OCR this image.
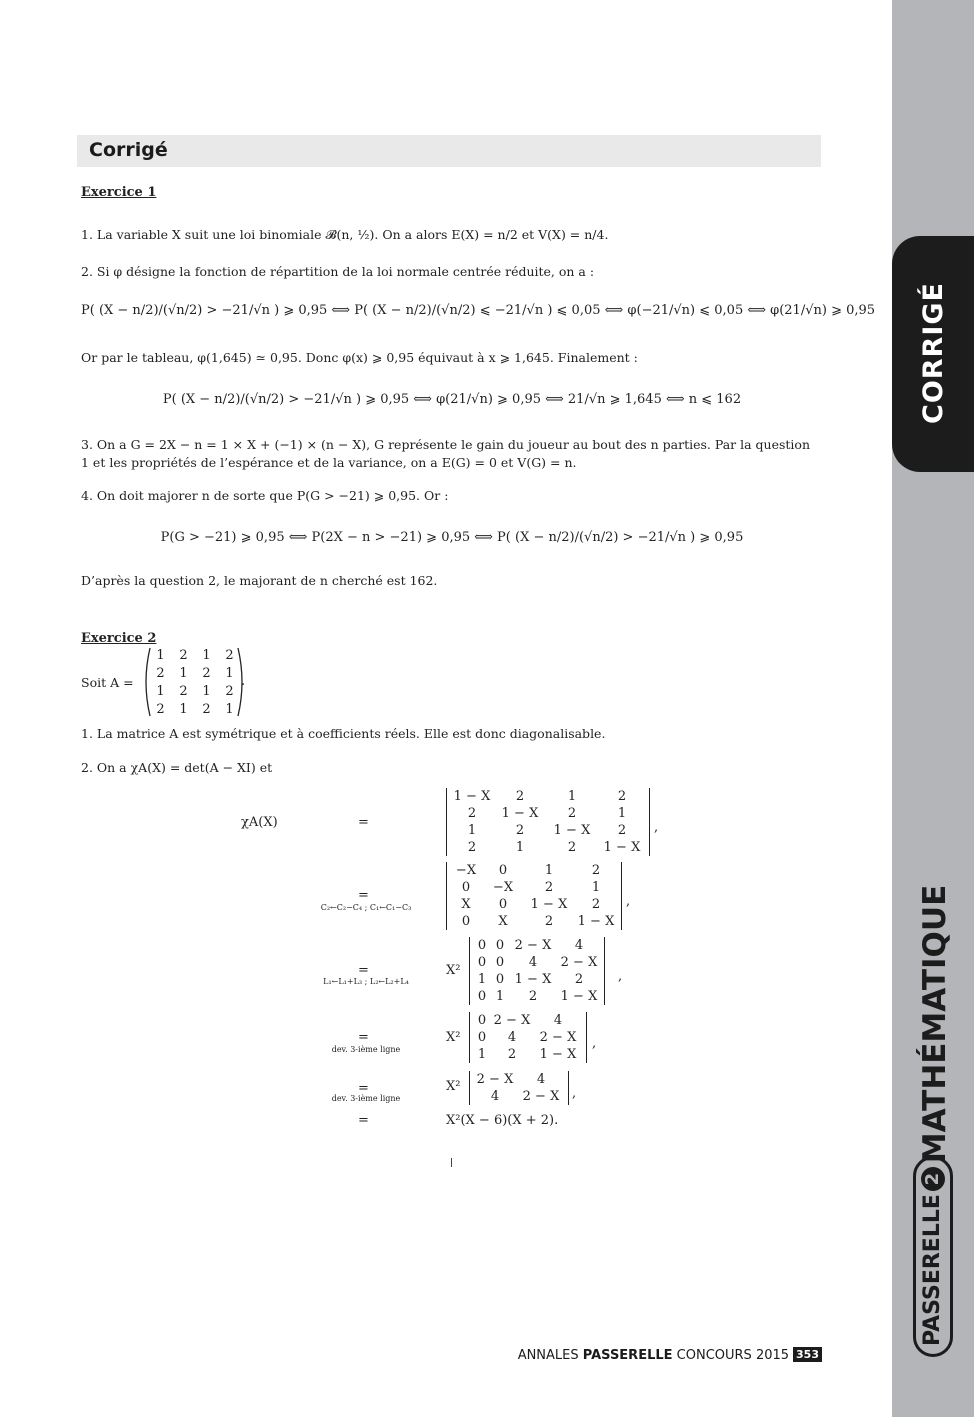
CORRIGÉ
MATHÉMATIQUE
PASSERELLE2
Corrigé
Exercice 1
1. La variable X suit une loi binomiale 𝓑(n, ½). On a alors E(X) = n/2 et V(X) = n/4.
2. Si φ désigne la fonction de répartition de la loi normale centrée réduite, on a :
P( (X − n/2)/(√n/2) > −21/√n ) ⩾ 0,95 ⟺ P( (X − n/2)/(√n/2) ⩽ −21/√n ) ⩽ 0,05 ⟺ φ(−21/√n) ⩽ 0,05 ⟺ φ(21/√n) ⩾ 0,95
Or par le tableau, φ(1,645) ≃ 0,95. Donc φ(x) ⩾ 0,95 équivaut à x ⩾ 1,645. Finalement :
P( (X − n/2)/(√n/2) > −21/√n ) ⩾ 0,95 ⟺ φ(21/√n) ⩾ 0,95 ⟺ 21/√n ⩾ 1,645 ⟺ n ⩽ 162
3. On a G = 2X − n = 1 × X + (−1) × (n − X), G représente le gain du joueur au bout des n parties. Par la question
1 et les propriétés de l’espérance et de la variance, on a E(G) = 0 et V(G) = n.
4. On doit majorer n de sorte que P(G > −21) ⩾ 0,95. Or :
P(G > −21) ⩾ 0,95 ⟺ P(2X − n > −21) ⩾ 0,95 ⟺ P( (X − n/2)/(√n/2) > −21/√n ) ⩾ 0,95
D’après la question 2, le majorant de n cherché est 162.
Exercice 2
Soit A =
1	2	1	2
2	1	2	1
1	2	1	2
2	1	2	1
.
1. La matrice A est symétrique et à coefficients réels. Elle est donc diagonalisable.
2. On a χA(X) = det(A − XI) et
χA(X)	=
1 − X	2	1	2
2	1 − X	2	1
1	2	1 − X	2
2	1	2	1 − X
,
=
C₂←C₂−C₄ ; C₁←C₁−C₃
−X	0	1	2
0	−X	2	1
X	0	1 − X	2
0	X	2	1 − X
,
=
L₁←L₁+L₃ ; L₂←L₂+L₄
X²
0 0 2 − X	4
0 0	4	2 − X
1 0 1 − X	2
0 1	2	1 − X
,
=
dev. 3-ième ligne
X²
0 2 − X	4
0	4	2 − X
1	2	1 − X
,
=
dev. 3-ième ligne
X² 2 − X	4
4	2 − X ,
=	X²(X − 6)(X + 2).
ANNALES PASSERELLE CONCOURS 2015 353
